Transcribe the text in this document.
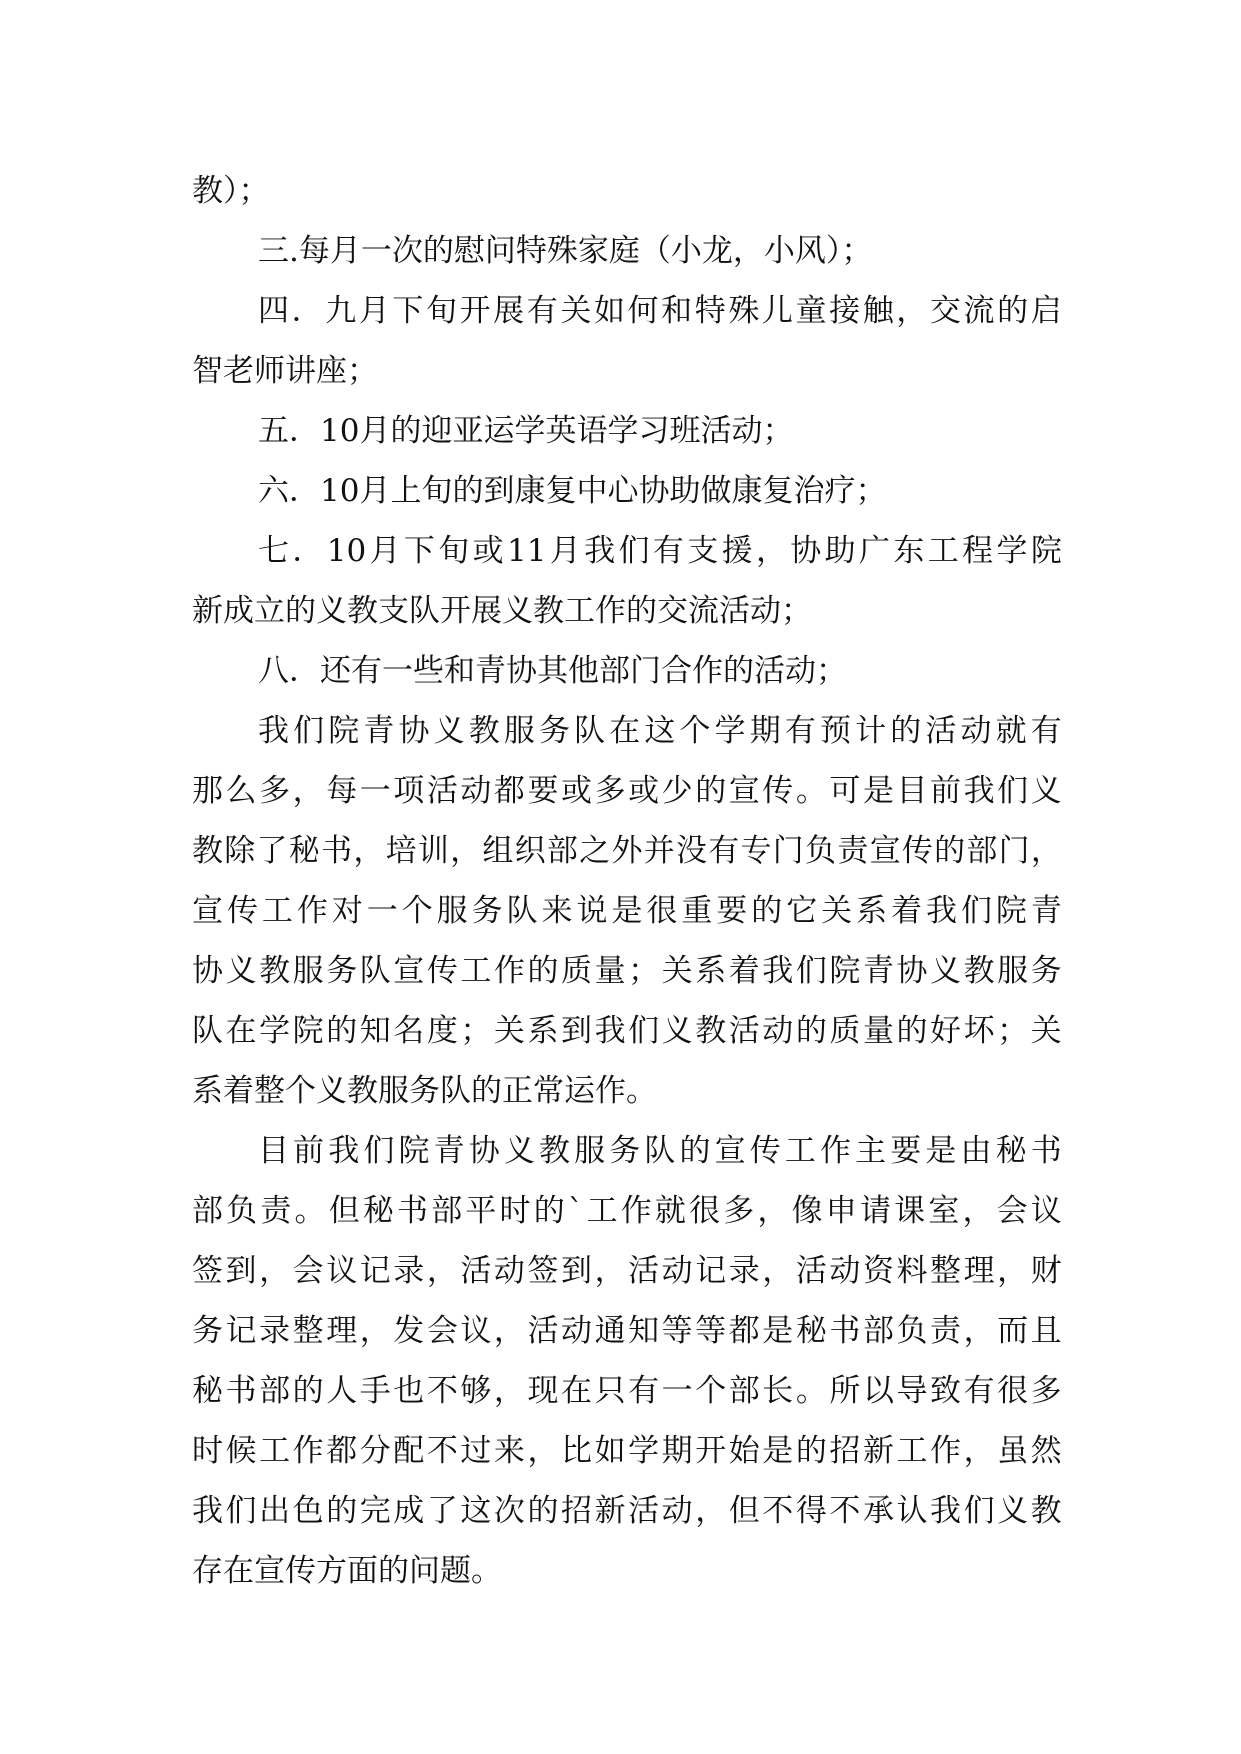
教）；
三.每月一次的慰问特殊家庭（小龙，小风）；
四 ． 九 月 下 旬 开 展 有 关 如 何 和 特 殊 儿 童 接 触 ， 交 流 的 启
智老师讲座；
五．10月的迎亚运学英语学习班活动；
六．10月上旬的到康复中心协助做康复治疗；
七 ． 10 月 下 旬 或 11 月 我 们 有 支 援 ， 协 助 广 东 工 程 学 院
新成立的义教支队开展义教工作的交流活动；
八．还有一些和青协其他部门合作的活动；
我 们 院 青 协 义 教 服 务 队 在 这 个 学 期 有 预 计 的 活 动 就 有
那 么 多 ， 每 一 项 活 动 都 要 或 多 或 少 的 宣 传 。 可 是 目 前 我 们 义
教 除 了 秘 书 ， 培 训 ， 组 织 部 之 外 并 没 有 专 门 负 责 宣 传 的 部 门 ，
宣 传 工 作 对 一 个 服 务 队 来 说 是 很 重 要 的 它 关 系 着 我 们 院 青
协 义 教 服 务 队 宣 传 工 作 的 质 量 ； 关 系 着 我 们 院 青 协 义 教 服 务
队 在 学 院 的 知 名 度 ； 关 系 到 我 们 义 教 活 动 的 质 量 的 好 坏 ； 关
系着整个义教服务队的正常运作。
目 前 我 们 院 青 协 义 教 服 务 队 的 宣 传 工 作 主 要 是 由 秘 书
部 负 责 。 但 秘 书 部 平 时 的 ` 工 作 就 很 多 ， 像 申 请 课 室 ， 会 议
签 到 ， 会 议 记 录 ， 活 动 签 到 ， 活 动 记 录 ， 活 动 资 料 整 理 ， 财
务 记 录 整 理 ， 发 会 议 ， 活 动 通 知 等 等 都 是 秘 书 部 负 责 ， 而 且
秘 书 部 的 人 手 也 不 够 ， 现 在 只 有 一 个 部 长 。 所 以 导 致 有 很 多
时 候 工 作 都 分 配 不 过 来 ， 比 如 学 期 开 始 是 的 招 新 工 作 ， 虽 然
我 们 出 色 的 完 成 了 这 次 的 招 新 活 动 ， 但 不 得 不 承 认 我 们 义 教
存在宣传方面的问题。
